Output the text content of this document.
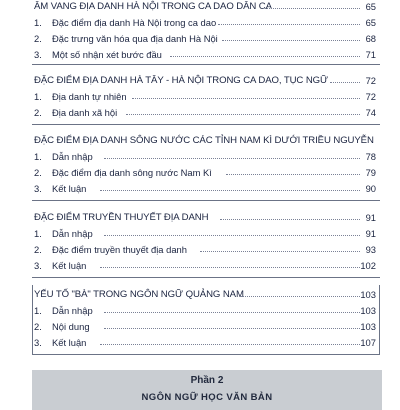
ÂM VANG ĐỊA DANH HÀ NỘI TRONG CA DAO DÂN CA	65
1. Đặc điểm địa danh Hà Nội trong ca dao	65
2. Đặc trưng văn hóa qua địa danh Hà Nội	68
3. Một số nhận xét bước đầu	71
ĐẶC ĐIỂM ĐỊA DANH HÀ TÂY - HÀ NỘI TRONG CA DAO, TỤC NGỮ	72
1. Địa danh tự nhiên	72
2. Địa danh xã hội	74
ĐẶC ĐIỂM ĐỊA DANH SÔNG NƯỚC CÁC TỈNH NAM KÌ DƯỚI TRIỀU NGUYỄN
1. Dẫn nhập	78
2. Đặc điểm địa danh sông nước Nam Kì	79
3. Kết luận	90
ĐẶC ĐIỂM TRUYỀN THUYẾT ĐỊA DANH	91
1. Dẫn nhập	91
2. Đặc điểm truyền thuyết địa danh	93
3. Kết luận	102
YẾU TỐ "BÀ" TRONG NGÔN NGỮ QUẢNG NAM	103
1. Dẫn nhập	103
2. Nội dung	103
3. Kết luận	107
Phần 2
NGÔN NGỮ HỌC VĂN BẢN
